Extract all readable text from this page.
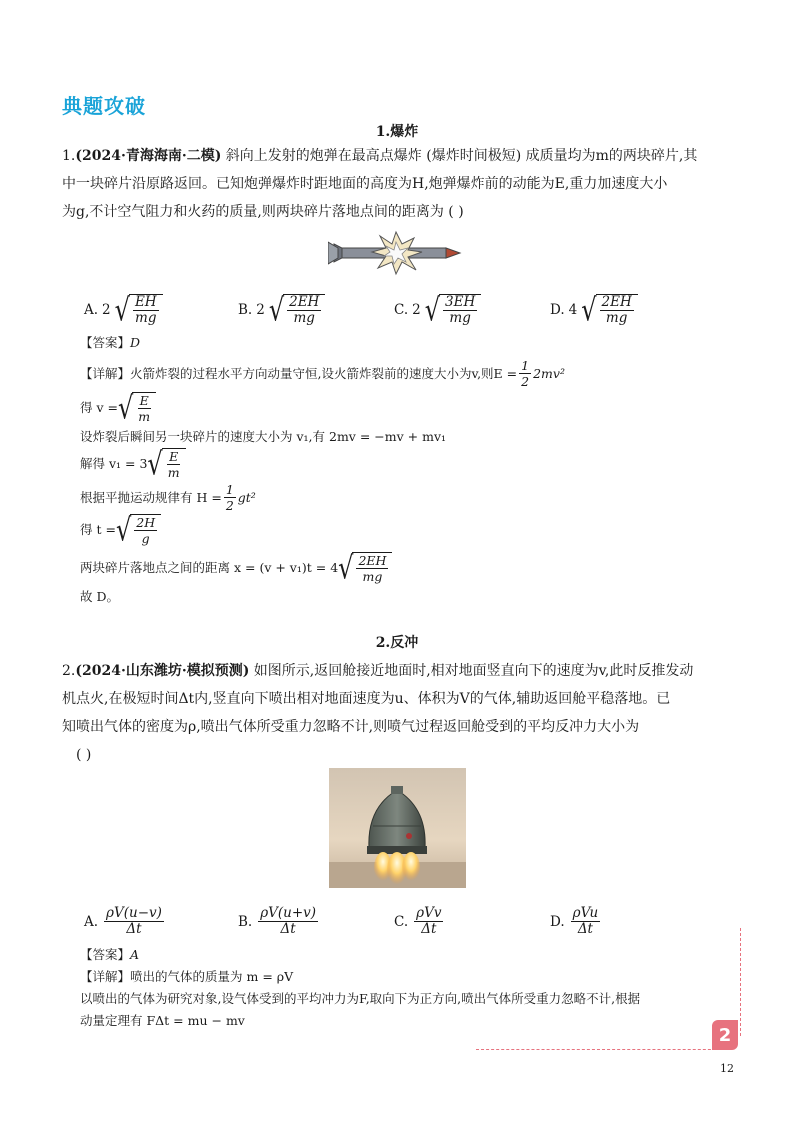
典题攻破
1.爆炸
1.(2024·青海海南·二模) 斜向上发射的炮弹在最高点爆炸 (爆炸时间极短) 成质量均为m的两块碎片,其
中一块碎片沿原路返回。已知炮弹爆炸时距地面的高度为H,炮弹爆炸前的动能为E,重力加速度大小
为g,不计空气阻力和火药的质量,则两块碎片落地点间的距离为 ( )
A. 2 √ $\frac{EH}{mg}$	B. 2 √ $\frac{2EH}{mg}$	C. 2 √ $\frac{3EH}{mg}$	D. 4 √ $\frac{2EH}{mg}$
【答案】D
【详解】 火箭炸裂的过程水平方向动量守恒,设火箭炸裂前的速度大小为v,则$E = \frac{1}{2} 2mv^2$
得 v = √ $\frac{E}{m}$
设炸裂后瞬间另一块碎片的速度大小为 v₁,有 2mv = −mv + mv₁
解得 v₁ = 3 √ $\frac{E}{m}$
根据平抛运动规律有 $H = \frac{1}{2} gt^2$
得 t = √ $\frac{2H}{g}$
两块碎片落地点之间的距离 x = (v + v₁)t = 4 √ $\frac{2EH}{mg}$
故 D。
2.反冲
2.(2024·山东潍坊·模拟预测) 如图所示,返回舱接近地面时,相对地面竖直向下的速度为v,此时反推发动
机点火,在极短时间Δt内,竖直向下喷出相对地面速度为u、体积为V的气体,辅助返回舱平稳落地。已
知喷出气体的密度为ρ,喷出气体所受重力忽略不计,则喷气过程返回舱受到的平均反冲力大小为
( )
A. $\frac{\rho V(u-v)}{\Delta t}$	B. $\frac{\rho V(u+v)}{\Delta t}$	C. $\frac{\text{ρVv}}{\Delta t}$	D. $\frac{\text{ρVu}}{\Delta t}$
【答案】A
【详解】喷出的气体的质量为 m = ρV
以喷出的气体为研究对象,设气体受到的平均冲力为F,取向下为正方向,喷出气体所受重力忽略不计,根据
动量定理有 FΔt = mu − mv
2
12
